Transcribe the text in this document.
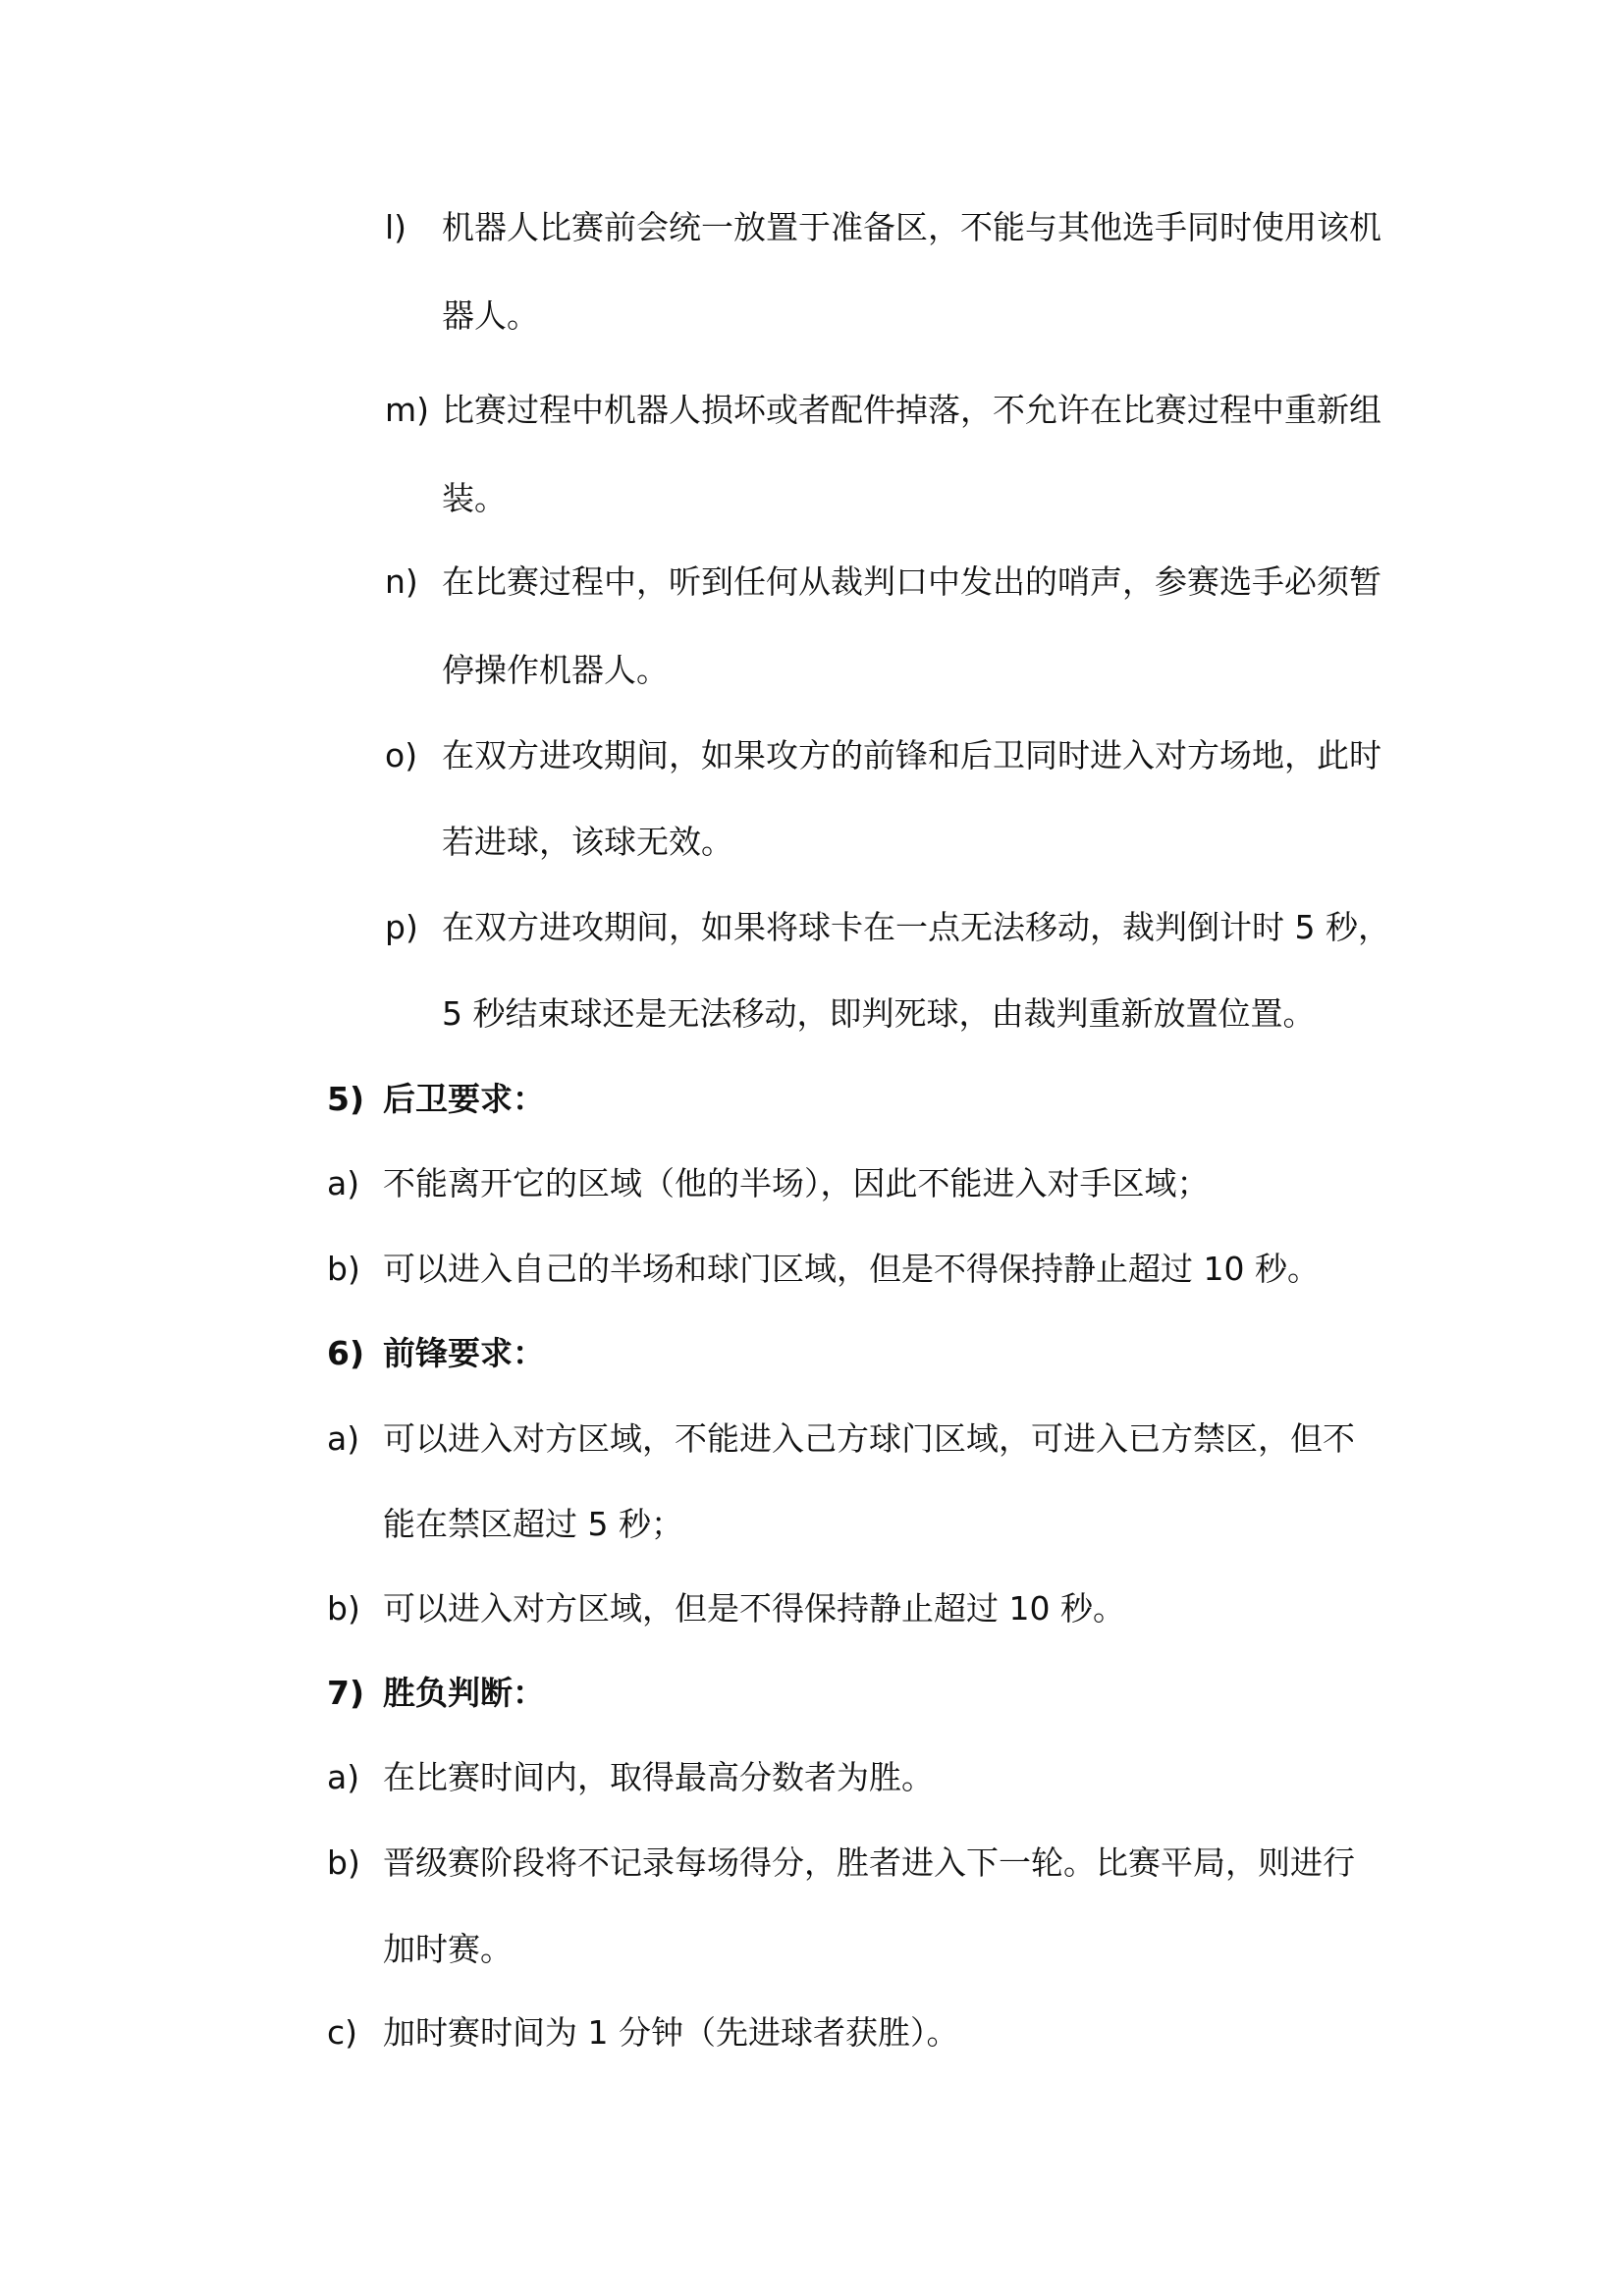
l) 机器人比赛前会统一放置于准备区，不能与其他选手同时使用该机
器人。
m) 比赛过程中机器人损坏或者配件掉落，不允许在比赛过程中重新组
装。
n) 在比赛过程中，听到任何从裁判口中发出的哨声，参赛选手必须暂
停操作机器人。
o) 在双方进攻期间，如果攻方的前锋和后卫同时进入对方场地，此时
若进球，该球无效。
p) 在双方进攻期间，如果将球卡在一点无法移动，裁判倒计时 5 秒，
5 秒结束球还是无法移动，即判死球，由裁判重新放置位置。
5) 后卫要求：
a) 不能离开它的区域（他的半场），因此不能进入对手区域；
b) 可以进入自己的半场和球门区域，但是不得保持静止超过 10 秒。
6) 前锋要求：
a) 可以进入对方区域，不能进入己方球门区域，可进入已方禁区，但不
能在禁区超过 5 秒；
b) 可以进入对方区域，但是不得保持静止超过 10 秒。
7) 胜负判断：
a) 在比赛时间内，取得最高分数者为胜。
b) 晋级赛阶段将不记录每场得分，胜者进入下一轮。比赛平局，则进行
加时赛。
c) 加时赛时间为 1 分钟（先进球者获胜）。
